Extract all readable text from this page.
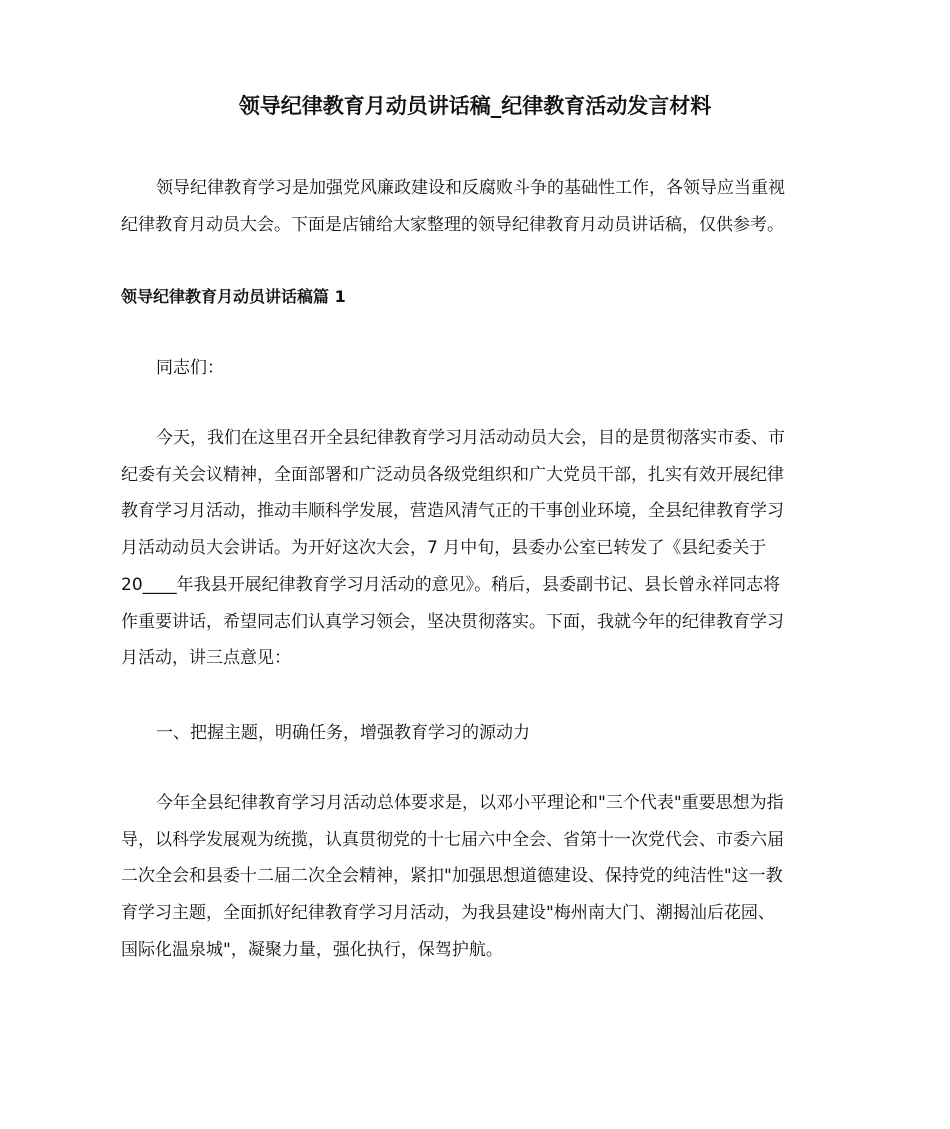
领导纪律教育月动员讲话稿_纪律教育活动发言材料

领导纪律教育学习是加强党风廉政建设和反腐败斗争的基础性工作，各领导应当重视
纪律教育月动员大会。下面是店铺给大家整理的领导纪律教育月动员讲话稿，仅供参考。

领导纪律教育月动员讲话稿篇 1
同志们：

今天，我们在这里召开全县纪律教育学习月活动动员大会，目的是贯彻落实市委、市
纪委有关会议精神，全面部署和广泛动员各级党组织和广大党员干部，扎实有效开展纪律
教育学习月活动，推动丰顺科学发展，营造风清气正的干事创业环境，全县纪律教育学习
月活动动员大会讲话。为开好这次大会，7 月中旬，县委办公室已转发了《县纪委关于
20____年我县开展纪律教育学习月活动的意见》。稍后，县委副书记、县长曾永祥同志将
作重要讲话，希望同志们认真学习领会，坚决贯彻落实。下面，我就今年的纪律教育学习
月活动，讲三点意见：

一、把握主题，明确任务，增强教育学习的源动力

今年全县纪律教育学习月活动总体要求是，以邓小平理论和"三个代表"重要思想为指
导，以科学发展观为统揽，认真贯彻党的十七届六中全会、省第十一次党代会、市委六届
二次全会和县委十二届二次全会精神，紧扣"加强思想道德建设、保持党的纯洁性"这一教
育学习主题，全面抓好纪律教育学习月活动，为我县建设"梅州南大门、潮揭汕后花园、
国际化温泉城"，凝聚力量，强化执行，保驾护航。
